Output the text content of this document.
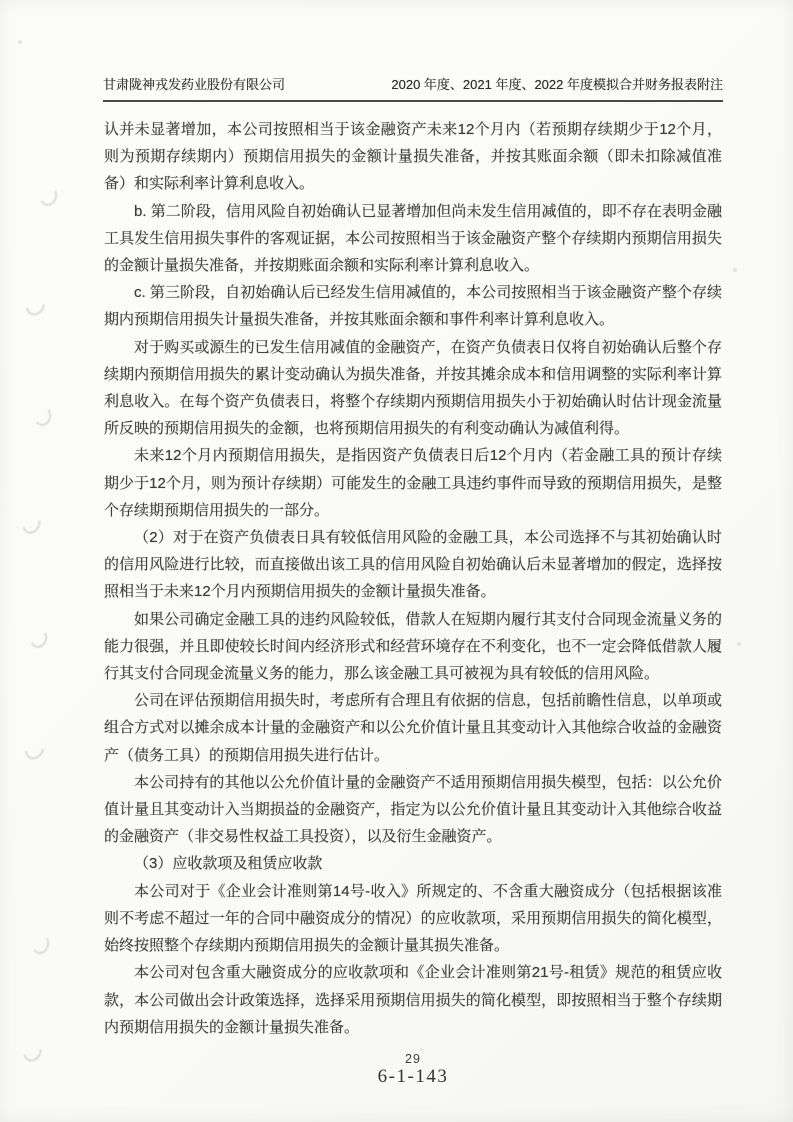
甘肃陇神戎发药业股份有限公司	2020 年度、2021 年度、2022 年度模拟合并财务报表附注

认并未显著增加，本公司按照相当于该金融资产未来12个月内（若预期存续期少于12个月，则为预期存续期内）预期信用损失的金额计量损失准备，并按其账面余额（即未扣除减值准备）和实际利率计算利息收入。

b. 第二阶段，信用风险自初始确认已显著增加但尚未发生信用减值的，即不存在表明金融工具发生信用损失事件的客观证据，本公司按照相当于该金融资产整个存续期内预期信用损失的金额计量损失准备，并按期账面余额和实际利率计算利息收入。

c. 第三阶段，自初始确认后已经发生信用减值的，本公司按照相当于该金融资产整个存续期内预期信用损失计量损失准备，并按其账面余额和事件利率计算利息收入。

对于购买或源生的已发生信用减值的金融资产，在资产负债表日仅将自初始确认后整个存续期内预期信用损失的累计变动确认为损失准备，并按其摊余成本和信用调整的实际利率计算利息收入。在每个资产负债表日，将整个存续期内预期信用损失小于初始确认时估计现金流量所反映的预期信用损失的金额，也将预期信用损失的有利变动确认为减值利得。

未来12个月内预期信用损失，是指因资产负债表日后12个月内（若金融工具的预计存续期少于12个月，则为预计存续期）可能发生的金融工具违约事件而导致的预期信用损失，是整个存续期预期信用损失的一部分。

（2）对于在资产负债表日具有较低信用风险的金融工具，本公司选择不与其初始确认时的信用风险进行比较，而直接做出该工具的信用风险自初始确认后未显著增加的假定，选择按照相当于未来12个月内预期信用损失的金额计量损失准备。

如果公司确定金融工具的违约风险较低，借款人在短期内履行其支付合同现金流量义务的能力很强，并且即使较长时间内经济形式和经营环境存在不利变化，也不一定会降低借款人履行其支付合同现金流量义务的能力，那么该金融工具可被视为具有较低的信用风险。

公司在评估预期信用损失时，考虑所有合理且有依据的信息，包括前瞻性信息，以单项或组合方式对以摊余成本计量的金融资产和以公允价值计量且其变动计入其他综合收益的金融资产（债务工具）的预期信用损失进行估计。

本公司持有的其他以公允价值计量的金融资产不适用预期信用损失模型，包括：以公允价值计量且其变动计入当期损益的金融资产，指定为以公允价值计量且其变动计入其他综合收益的金融资产（非交易性权益工具投资），以及衍生金融资产。

（3）应收款项及租赁应收款

本公司对于《企业会计准则第14号-收入》所规定的、不含重大融资成分（包括根据该准则不考虑不超过一年的合同中融资成分的情况）的应收款项，采用预期信用损失的简化模型，始终按照整个存续期内预期信用损失的金额计量其损失准备。

本公司对包含重大融资成分的应收款项和《企业会计准则第21号-租赁》规范的租赁应收款，本公司做出会计政策选择，选择采用预期信用损失的简化模型，即按照相当于整个存续期内预期信用损失的金额计量损失准备。

29
6-1-143
